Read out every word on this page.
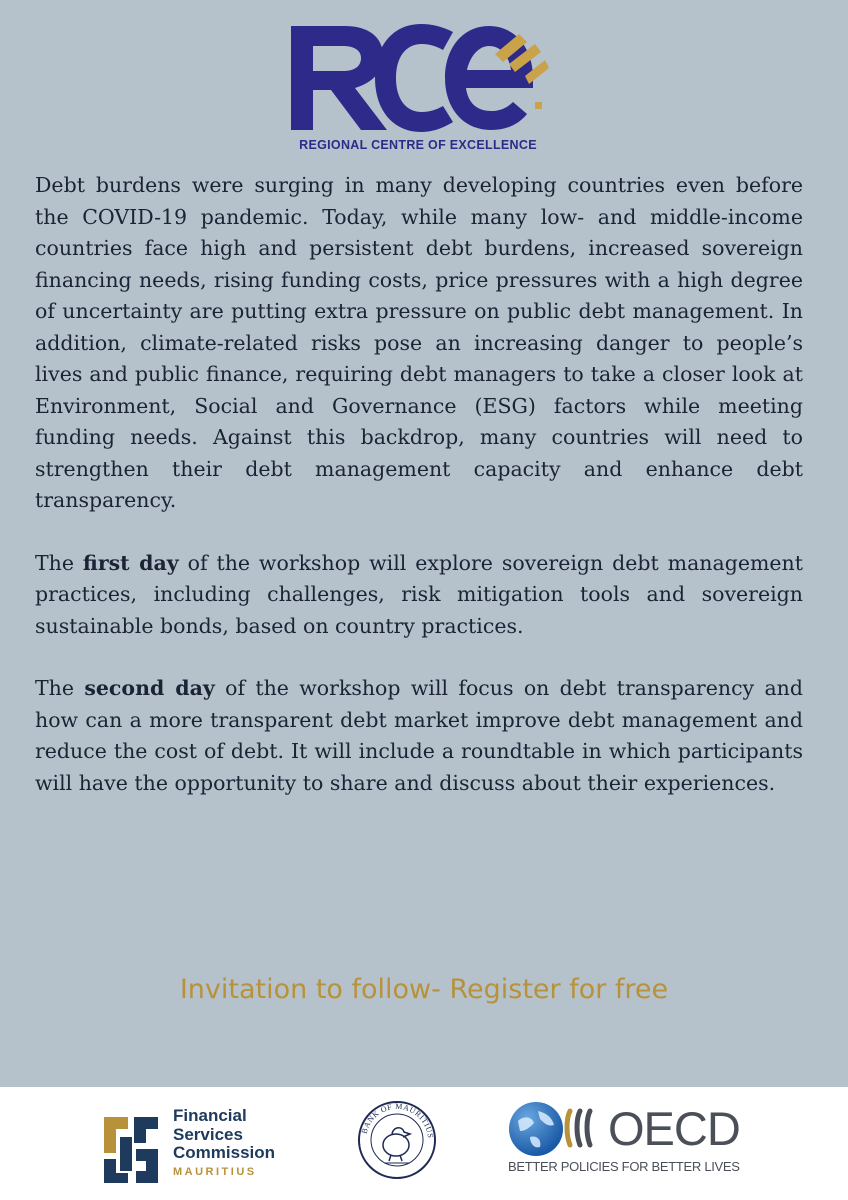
REGIONAL CENTRE OF EXCELLENCE

Debt burdens were surging in many developing countries even before the COVID-19 pandemic. Today, while many low- and middle-income countries face high and persistent debt burdens, increased sovereign financing needs, rising funding costs, price pressures with a high degree of uncertainty are putting extra pressure on public debt management. In addition, climate-related risks pose an increasing danger to people’s lives and public finance, requiring debt managers to take a closer look at Environment, Social and Governance (ESG) factors while meeting funding needs. Against this backdrop, many countries will need to strengthen their debt management capacity and enhance debt transparency.

The first day of the workshop will explore sovereign debt management practices, including challenges, risk mitigation tools and sovereign sustainable bonds, based on country practices.

The second day of the workshop will focus on debt transparency and how can a more transparent debt market improve debt management and reduce the cost of debt. It will include a roundtable in which participants will have the opportunity to share and discuss about their experiences.

Invitation to follow- Register for free
Financial
Services
Commission
MAURITIUS
BANK OF MAURITIUS	OECD
BETTER POLICIES FOR BETTER LIVES
